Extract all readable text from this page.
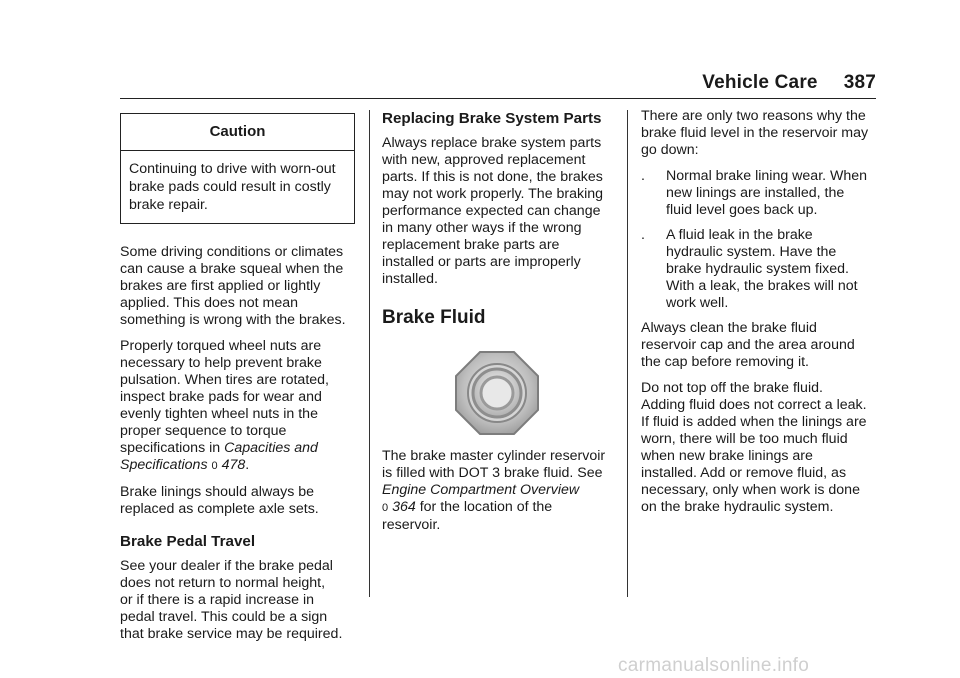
Vehicle Care 387
Caution
Continuing to drive with worn-out
brake pads could result in costly
brake repair.

Some driving conditions or climates
can cause a brake squeal when the
brakes are first applied or lightly
applied. This does not mean
something is wrong with the brakes.

Properly torqued wheel nuts are
necessary to help prevent brake
pulsation. When tires are rotated,
inspect brake pads for wear and
evenly tighten wheel nuts in the
proper sequence to torque
specifications in Capacities and
Specifications 0 478.

Brake linings should always be
replaced as complete axle sets.

Brake Pedal Travel

See your dealer if the brake pedal
does not return to normal height,
or if there is a rapid increase in
pedal travel. This could be a sign
that brake service may be required.

Replacing Brake System Parts

Always replace brake system parts
with new, approved replacement
parts. If this is not done, the brakes
may not work properly. The braking
performance expected can change
in many other ways if the wrong
replacement brake parts are
installed or parts are improperly
installed.

Brake Fluid

The brake master cylinder reservoir
is filled with DOT 3 brake fluid. See
Engine Compartment Overview
0 364 for the location of the
reservoir.

There are only two reasons why the
brake fluid level in the reservoir may
go down:

. Normal brake lining wear. When
new linings are installed, the
fluid level goes back up.
. A fluid leak in the brake
hydraulic system. Have the
brake hydraulic system fixed.
With a leak, the brakes will not
work well.

Always clean the brake fluid
reservoir cap and the area around
the cap before removing it.

Do not top off the brake fluid.
Adding fluid does not correct a leak.
If fluid is added when the linings are
worn, there will be too much fluid
when new brake linings are
installed. Add or remove fluid, as
necessary, only when work is done
on the brake hydraulic system.

carmanualsonline.info
